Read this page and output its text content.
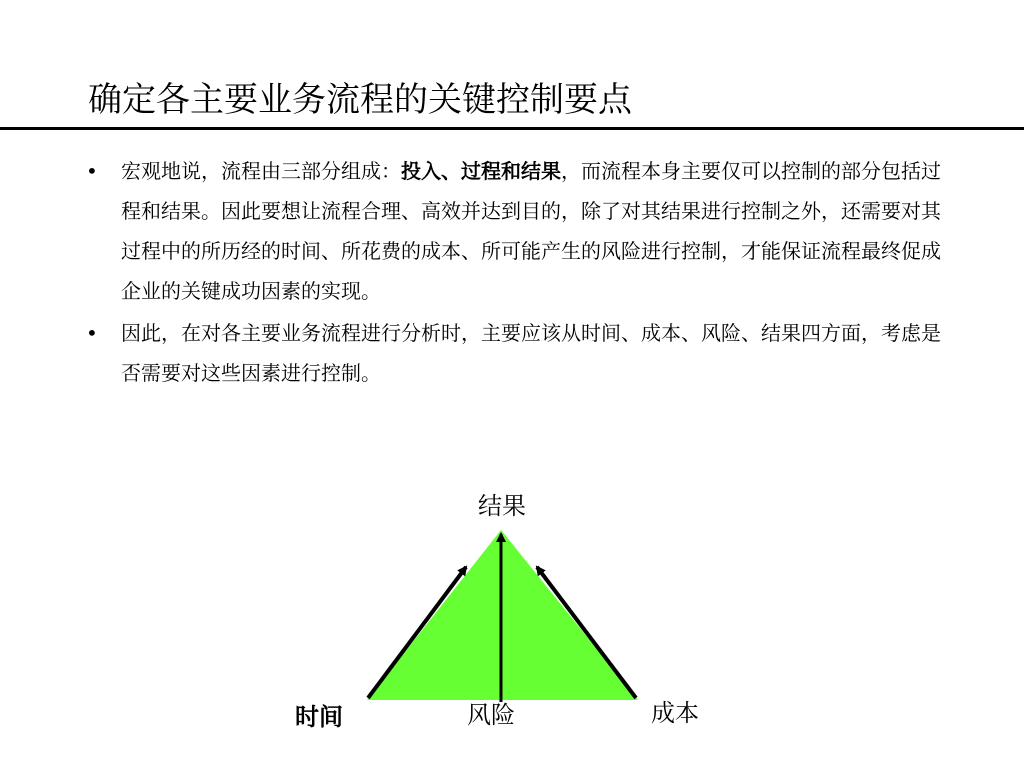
确定各主要业务流程的关键控制要点
• 宏观地说，流程由三部分组成：投入、过程和结果，而流程本身主要仅可以控制的部分包括过程和结果。因此要想让流程合理、高效并达到目的，除了对其结果进行控制之外，还需要对其过程中的所历经的时间、所花费的成本、所可能产生的风险进行控制，才能保证流程最终促成企业的关键成功因素的实现。
• 因此，在对各主要业务流程进行分析时，主要应该从时间、成本、风险、结果四方面，考虑是否需要对这些因素进行控制。
结果
时间	风险	成本
